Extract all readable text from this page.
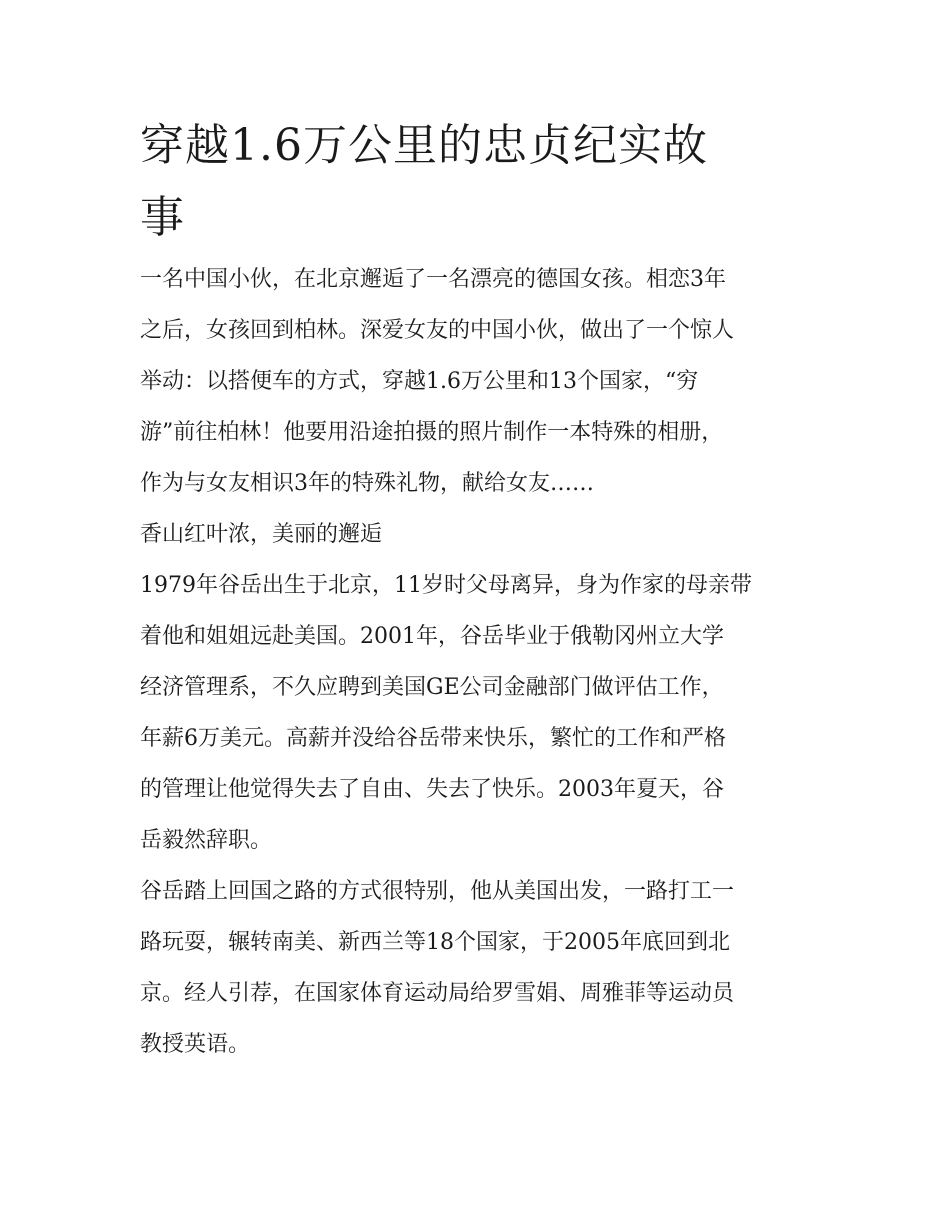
穿越1.6万公里的忠贞纪实故
事

一名中国小伙，在北京邂逅了一名漂亮的德国女孩。相恋3年
之后，女孩回到柏林。深爱女友的中国小伙，做出了一个惊人
举动：以搭便车的方式，穿越1.6万公里和13个国家，“穷
游”前往柏林！他要用沿途拍摄的照片制作一本特殊的相册，
作为与女友相识3年的特殊礼物，献给女友……

香山红叶浓，美丽的邂逅

1979年谷岳出生于北京，11岁时父母离异，身为作家的母亲带
着他和姐姐远赴美国。2001年，谷岳毕业于俄勒冈州立大学
经济管理系，不久应聘到美国GE公司金融部门做评估工作，
年薪6万美元。高薪并没给谷岳带来快乐，繁忙的工作和严格
的管理让他觉得失去了自由、失去了快乐。2003年夏天，谷
岳毅然辞职。

谷岳踏上回国之路的方式很特别，他从美国出发，一路打工一
路玩耍，辗转南美、新西兰等18个国家，于2005年底回到北
京。经人引荐，在国家体育运动局给罗雪娟、周雅菲等运动员
教授英语。
